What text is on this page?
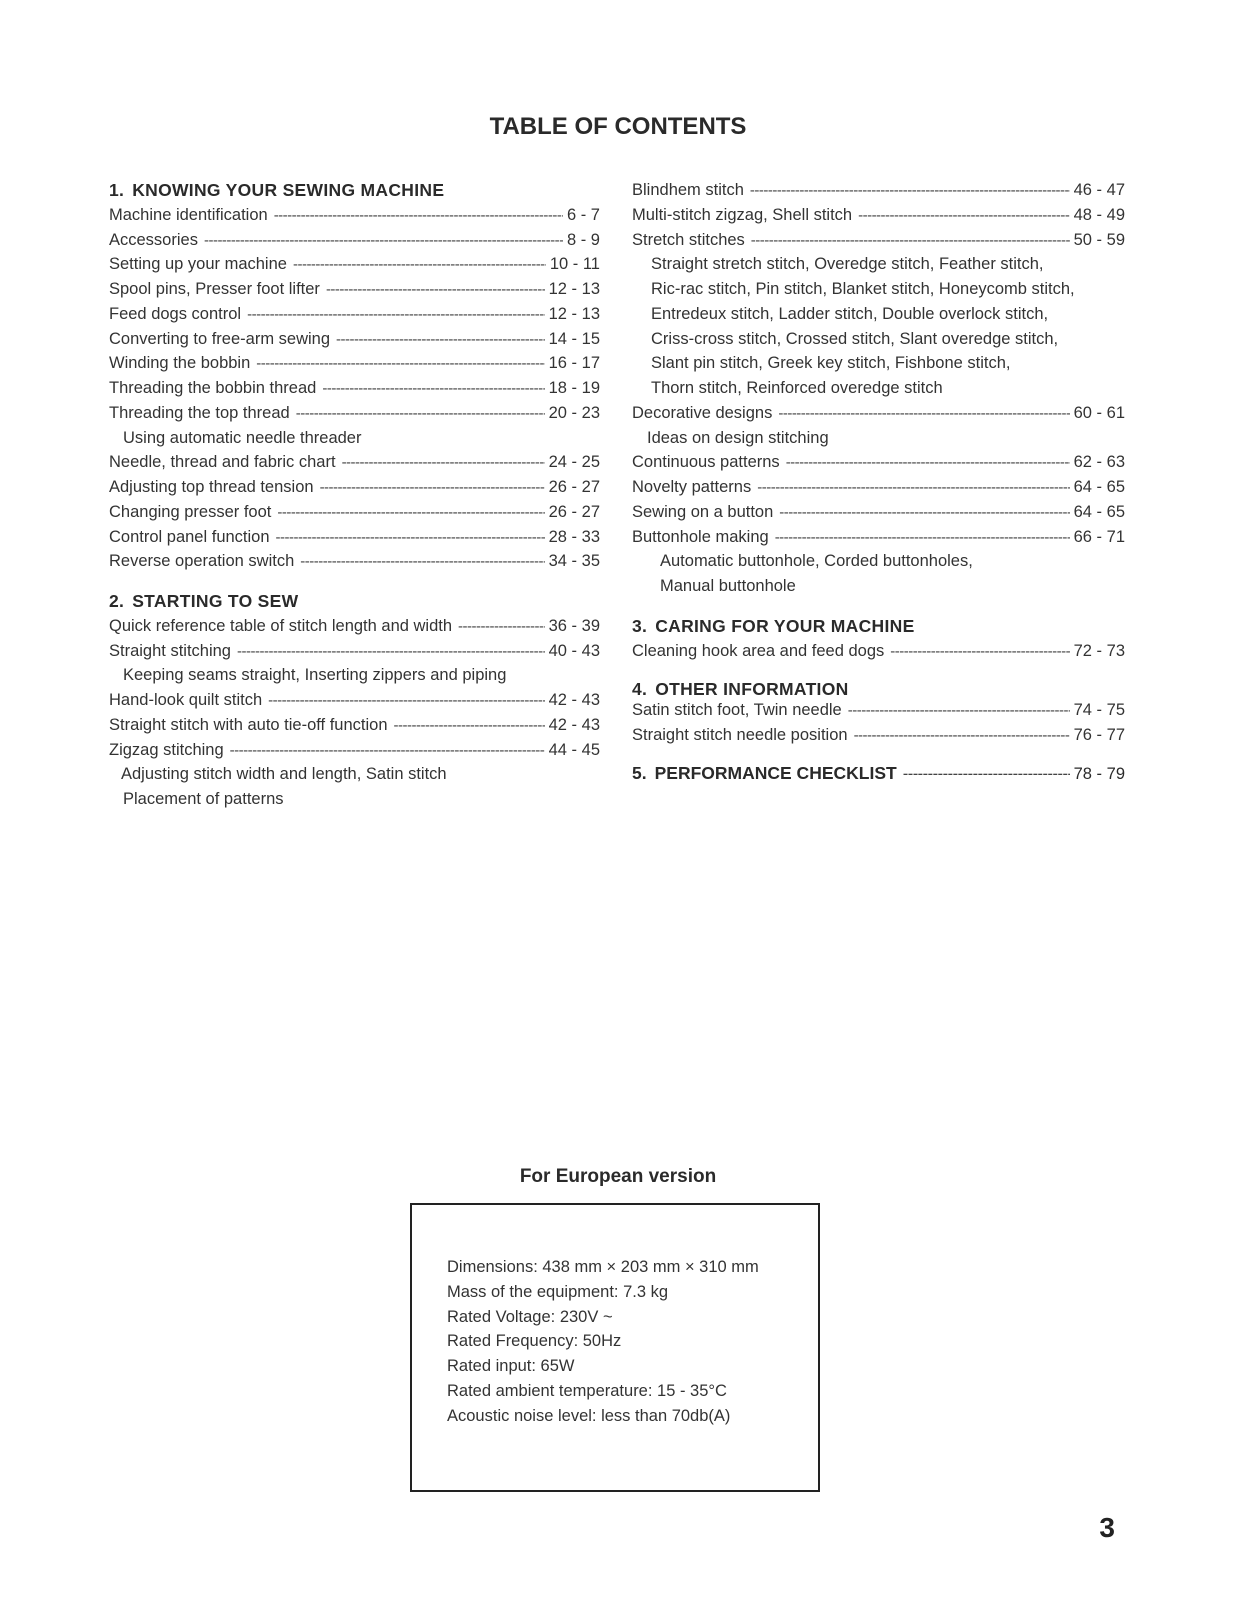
TABLE OF CONTENTS
1. KNOWING YOUR SEWING MACHINE
Machine identification -----	6 - 7
Accessories -----	8 - 9
Setting up your machine -----	10 - 11
Spool pins, Presser foot lifter -----	12 - 13
Feed dogs control -----	12 - 13
Converting to free-arm sewing -----	14 - 15
Winding the bobbin -----	16 - 17
Threading the bobbin thread -----	18 - 19
Threading the top thread -----	20 - 23
Using automatic needle threader
Needle, thread and fabric chart -----	24 - 25
Adjusting top thread tension -----	26 - 27
Changing presser foot -----	26 - 27
Control panel function -----	28 - 33
Reverse operation switch -----	34 - 35
2. STARTING TO SEW
Quick reference table of stitch length and width -----	36 - 39
Straight stitching -----	40 - 43
Keeping seams straight, Inserting zippers and piping
Hand-look quilt stitch -----	42 - 43
Straight stitch with auto tie-off function -----	42 - 43
Zigzag stitching -----	44 - 45
Adjusting stitch width and length, Satin stitch
Placement of patterns
Blindhem stitch -----	46 - 47
Multi-stitch zigzag, Shell stitch -----	48 - 49
Stretch stitches -----	50 - 59
Straight stretch stitch, Overedge stitch, Feather stitch,
Ric-rac stitch, Pin stitch, Blanket stitch, Honeycomb stitch,
Entredeux stitch, Ladder stitch, Double overlock stitch,
Criss-cross stitch, Crossed stitch, Slant overedge stitch,
Slant pin stitch, Greek key stitch, Fishbone stitch,
Thorn stitch, Reinforced overedge stitch
Decorative designs -----	60 - 61
Ideas on design stitching
Continuous patterns -----	62 - 63
Novelty patterns -----	64 - 65
Sewing on a button -----	64 - 65
Buttonhole making -----	66 - 71
Automatic buttonhole, Corded buttonholes,
Manual buttonhole
3. CARING FOR YOUR MACHINE
Cleaning hook area and feed dogs -----	72 - 73
4. OTHER INFORMATION
Satin stitch foot, Twin needle -----	74 - 75
Straight stitch needle position -----	76 - 77
5. PERFORMANCE CHECKLIST -----	78 - 79
For European version
Dimensions: 438 mm × 203 mm × 310 mm
Mass of the equipment: 7.3 kg
Rated Voltage: 230V ~
Rated Frequency: 50Hz
Rated input: 65W
Rated ambient temperature: 15 - 35°C
Acoustic noise level: less than 70db(A)
3
